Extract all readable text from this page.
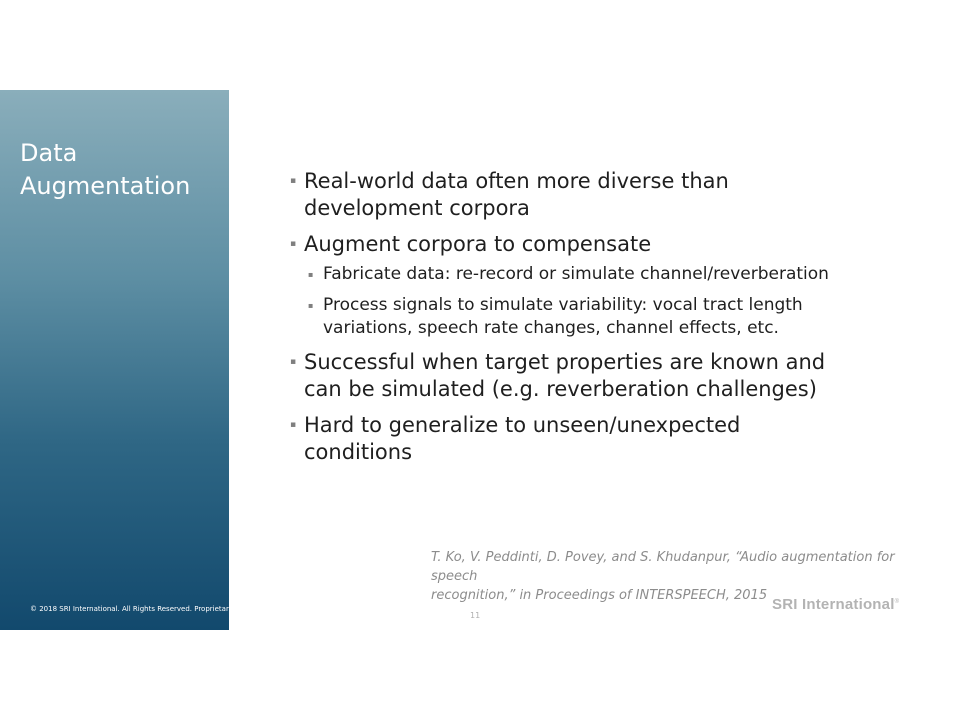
Data
Augmentation
© 2018 SRI International. All Rights Reserved. Proprietary
▪ Real-world data often more diverse than development corpora
▪ Augment corpora to compensate
▪ Fabricate data: re-record or simulate channel/reverberation
▪ Process signals to simulate variability: vocal tract length variations, speech rate changes, channel effects, etc.
▪ Successful when target properties are known and can be simulated (e.g. reverberation challenges)
▪ Hard to generalize to unseen/unexpected conditions
T. Ko, V. Peddinti, D. Povey, and S. Khudanpur, “Audio augmentation for speech
recognition,” in Proceedings of INTERSPEECH, 2015
11
SRI International®
